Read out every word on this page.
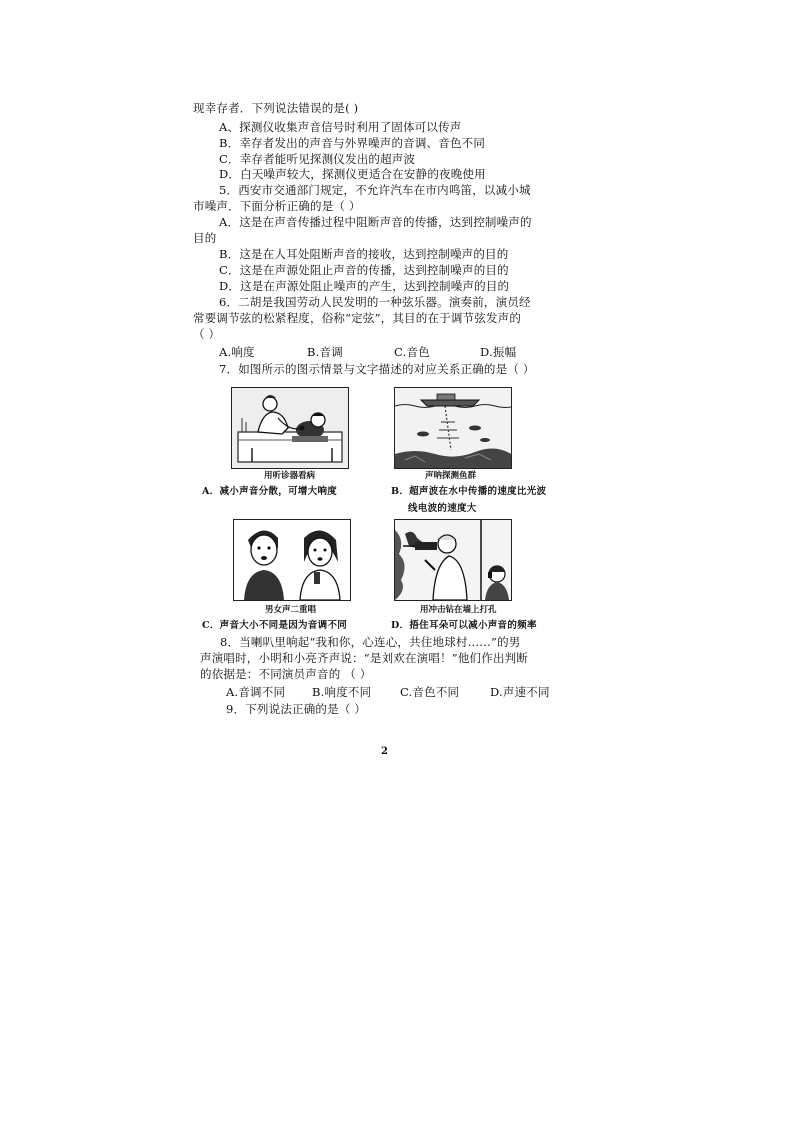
现幸存者．下列说法错误的是( )
A、探测仪收集声音信号时利用了固体可以传声
B．幸存者发出的声音与外界噪声的音调、音色不同
C．幸存者能听见探测仪发出的超声波
D．白天噪声较大，探测仪更适合在安静的夜晚使用
5．西安市交通部门规定，不允许汽车在市内鸣笛，以减小城
市噪声．下面分析正确的是（ ）
A．这是在声音传播过程中阻断声音的传播，达到控制噪声的
目的
B．这是在人耳处阻断声音的接收，达到控制噪声的目的
C．这是在声源处阻止声音的传播，达到控制噪声的目的
D．这是在声源处阻止噪声的产生，达到控制噪声的目的
6．二胡是我国劳动人民发明的一种弦乐器。演奏前，演员经
常要调节弦的松紧程度，俗称“定弦”，其目的在于调节弦发声的
（ ）
A.响度	B.音调	C.音色	D.振幅
7．如图所示的图示情景与文字描述的对应关系正确的是（ ）
用听诊器看病
A．减小声音分散，可增大响度
声呐探测鱼群
B．超声波在水中传播的速度比光波
线电波的速度大
男女声二重唱
C．声音大小不同是因为音调不同
用冲击钻在墙上打孔
D．捂住耳朵可以减小声音的频率
8．当喇叭里响起“我和你，心连心，共住地球村……”的男
声演唱时，小明和小亮齐声说：“是刘欢在演唱！”他们作出判断
的依据是：不同演员声音的 （ ）
A.音调不同 B.响度不同 C.音色不同	D.声速不同
9．下列说法正确的是（ ）
2
